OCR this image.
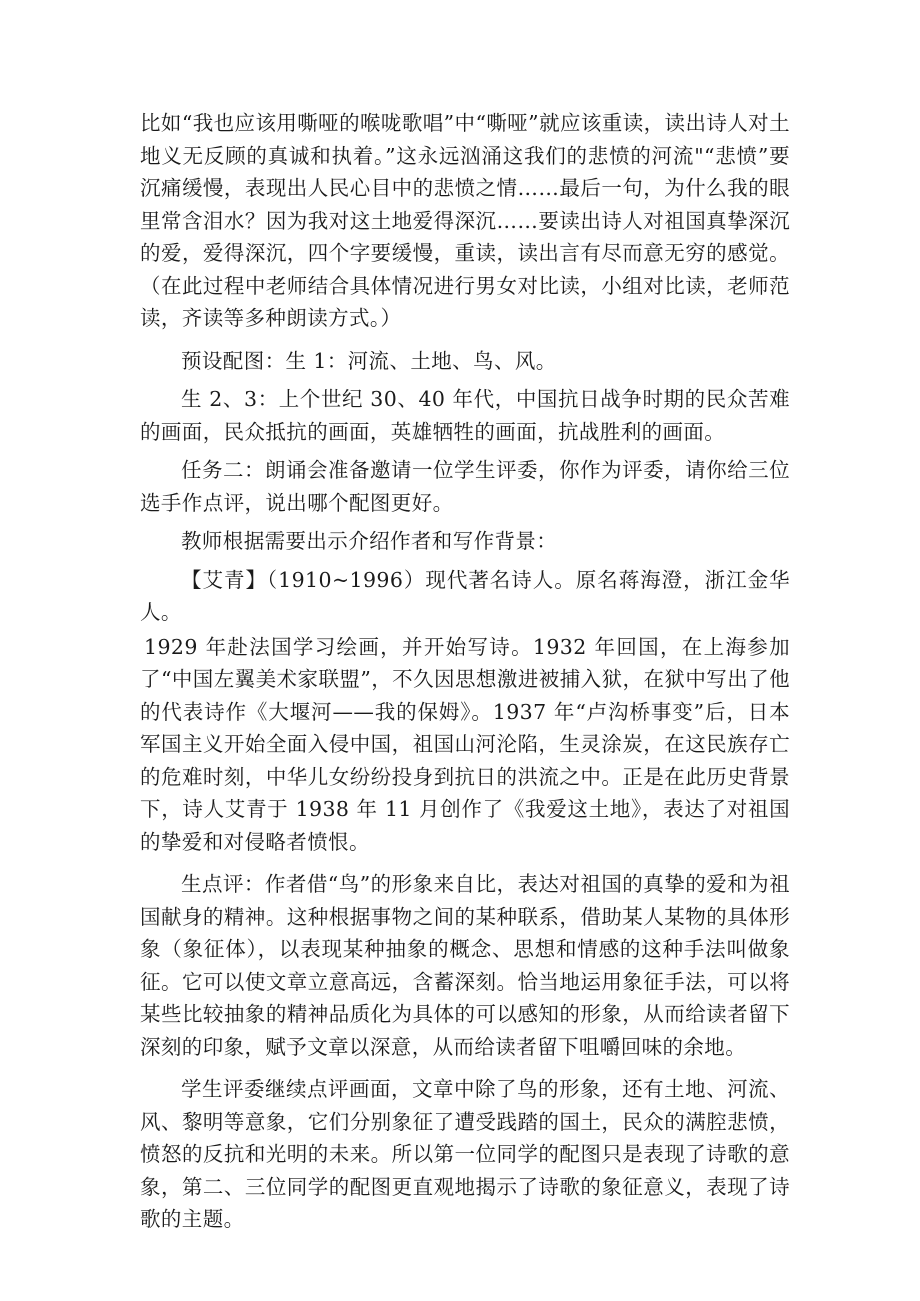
比如“我也应该用嘶哑的喉咙歌唱”中“嘶哑”就应该重读，读出诗人对土地义无反顾的真诚和执着。”这永远汹涌这我们的悲愤的河流"“悲愤”要沉痛缓慢，表现出人民心目中的悲愤之情……最后一句，为什么我的眼里常含泪水？因为我对这土地爱得深沉……要读出诗人对祖国真挚深沉的爱，爱得深沉，四个字要缓慢，重读，读出言有尽而意无穷的感觉。（在此过程中老师结合具体情况进行男女对比读，小组对比读，老师范读，齐读等多种朗读方式。）

预设配图：生 1：河流、土地、鸟、风。

生 2、3：上个世纪 30、40 年代，中国抗日战争时期的民众苦难的画面，民众抵抗的画面，英雄牺牲的画面，抗战胜利的画面。

任务二：朗诵会准备邀请一位学生评委，你作为评委，请你给三位选手作点评，说出哪个配图更好。

教师根据需要出示介绍作者和写作背景：

【艾青】（1910~1996）现代著名诗人。原名蒋海澄，浙江金华人。

1929 年赴法国学习绘画，并开始写诗。1932 年回国，在上海参加了“中国左翼美术家联盟”，不久因思想激进被捕入狱，在狱中写出了他的代表诗作《大堰河——我的保姆》。1937 年“卢沟桥事变”后，日本军国主义开始全面入侵中国，祖国山河沦陷，生灵涂炭，在这民族存亡的危难时刻，中华儿女纷纷投身到抗日的洪流之中。正是在此历史背景下，诗人艾青于 1938 年 11 月创作了《我爱这土地》，表达了对祖国的挚爱和对侵略者愤恨。

生点评：作者借“鸟”的形象来自比，表达对祖国的真挚的爱和为祖国献身的精神。这种根据事物之间的某种联系，借助某人某物的具体形象（象征体），以表现某种抽象的概念、思想和情感的这种手法叫做象征。它可以使文章立意高远，含蓄深刻。恰当地运用象征手法，可以将某些比较抽象的精神品质化为具体的可以感知的形象，从而给读者留下深刻的印象，赋予文章以深意，从而给读者留下咀嚼回味的余地。

学生评委继续点评画面，文章中除了鸟的形象，还有土地、河流、风、黎明等意象，它们分别象征了遭受践踏的国土，民众的满腔悲愤，愤怒的反抗和光明的未来。所以第一位同学的配图只是表现了诗歌的意象，第二、三位同学的配图更直观地揭示了诗歌的象征意义，表现了诗歌的主题。
